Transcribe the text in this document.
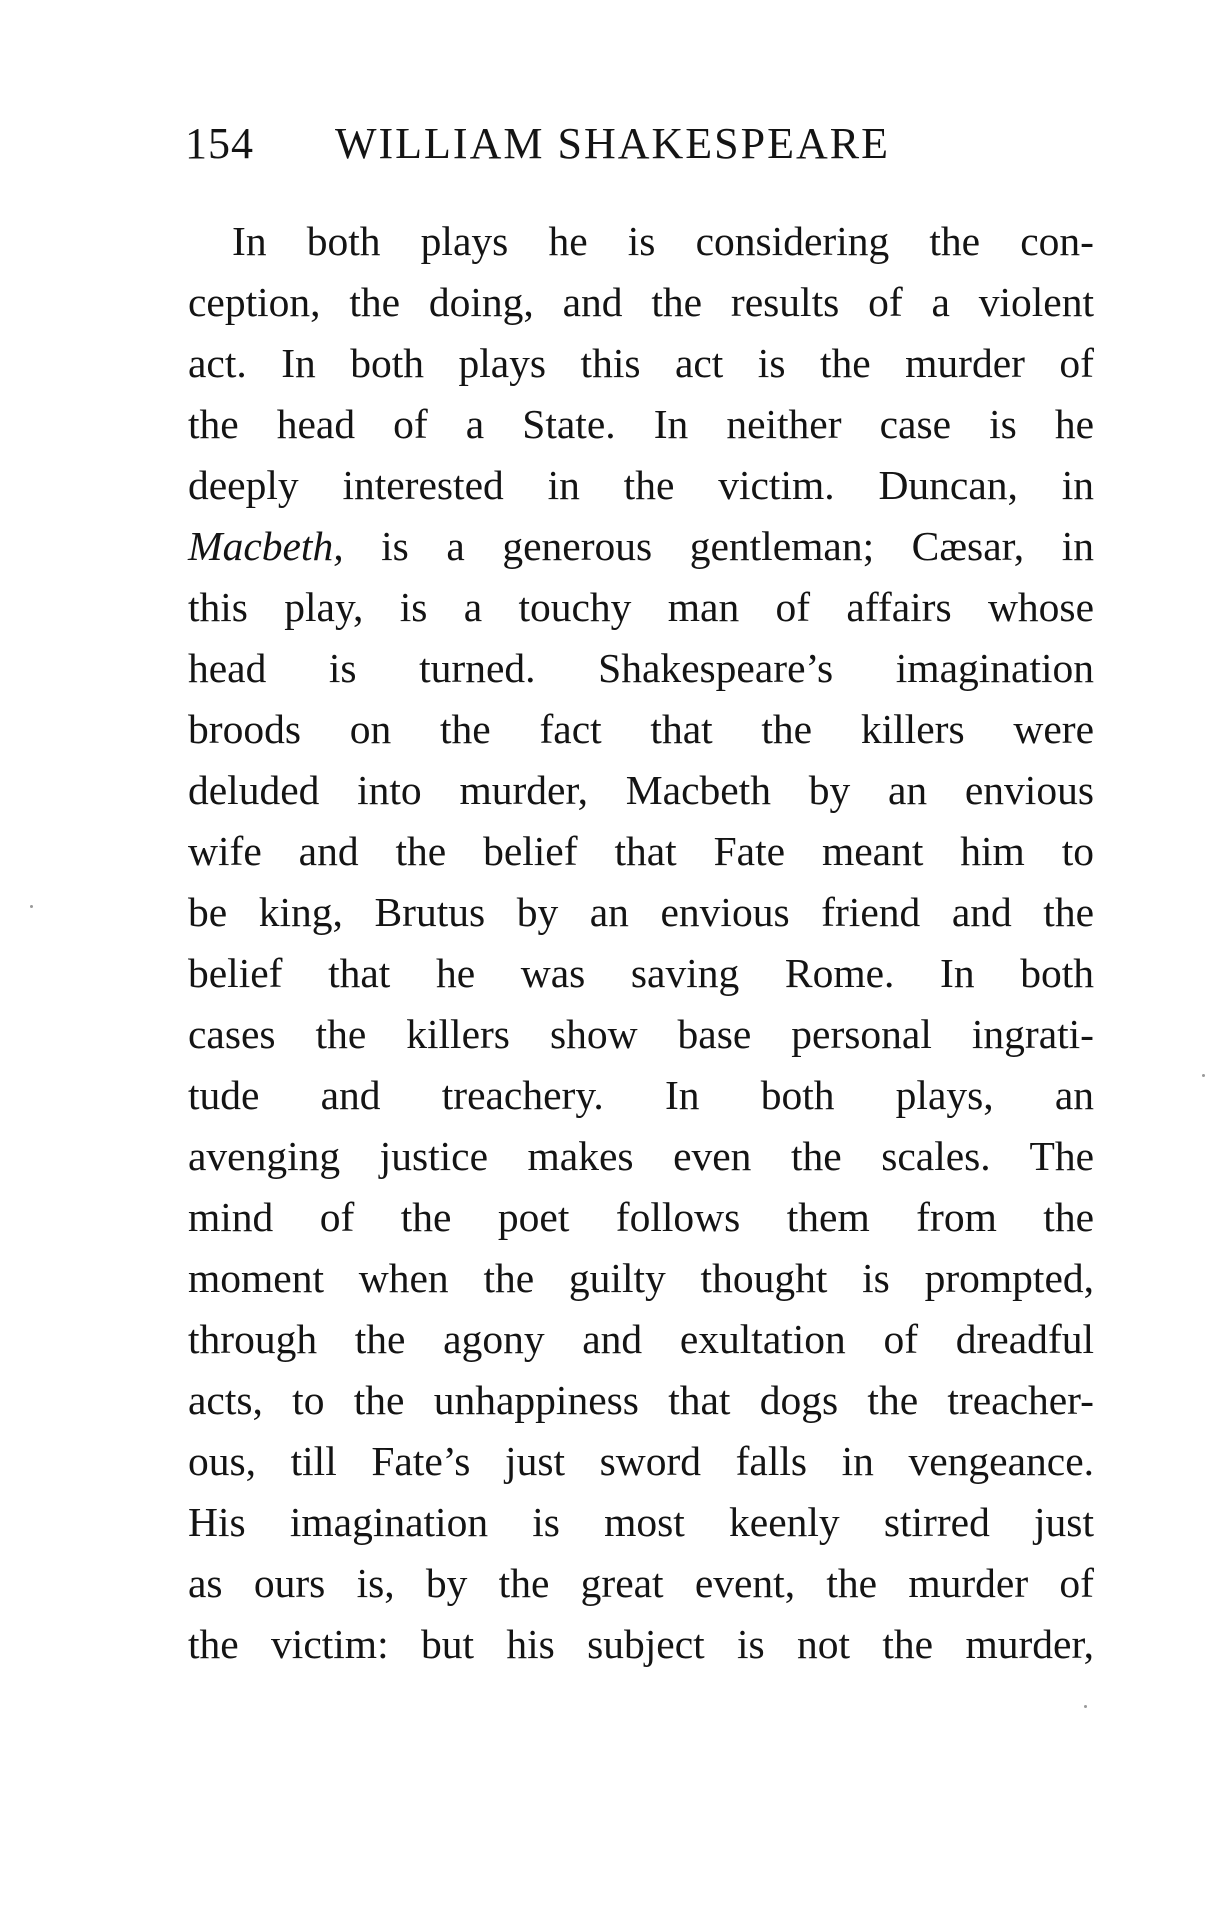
154 WILLIAM SHAKESPEARE
In both plays he is considering the con-
ception, the doing, and the results of a violent
act. In both plays this act is the murder of
the head of a State. In neither case is he
deeply interested in the victim. Duncan, in
Macbeth, is a generous gentleman; Cæsar, in
this play, is a touchy man of affairs whose
head is turned. Shakespeare’s imagination
broods on the fact that the killers were
deluded into murder, Macbeth by an envious
wife and the belief that Fate meant him to
be king, Brutus by an envious friend and the
belief that he was saving Rome. In both
cases the killers show base personal ingrati-
tude and treachery. In both plays, an
avenging justice makes even the scales. The
mind of the poet follows them from the
moment when the guilty thought is prompted,
through the agony and exultation of dreadful
acts, to the unhappiness that dogs the treacher-
ous, till Fate’s just sword falls in vengeance.
His imagination is most keenly stirred just
as ours is, by the great event, the murder of
the victim: but his subject is not the murder,
